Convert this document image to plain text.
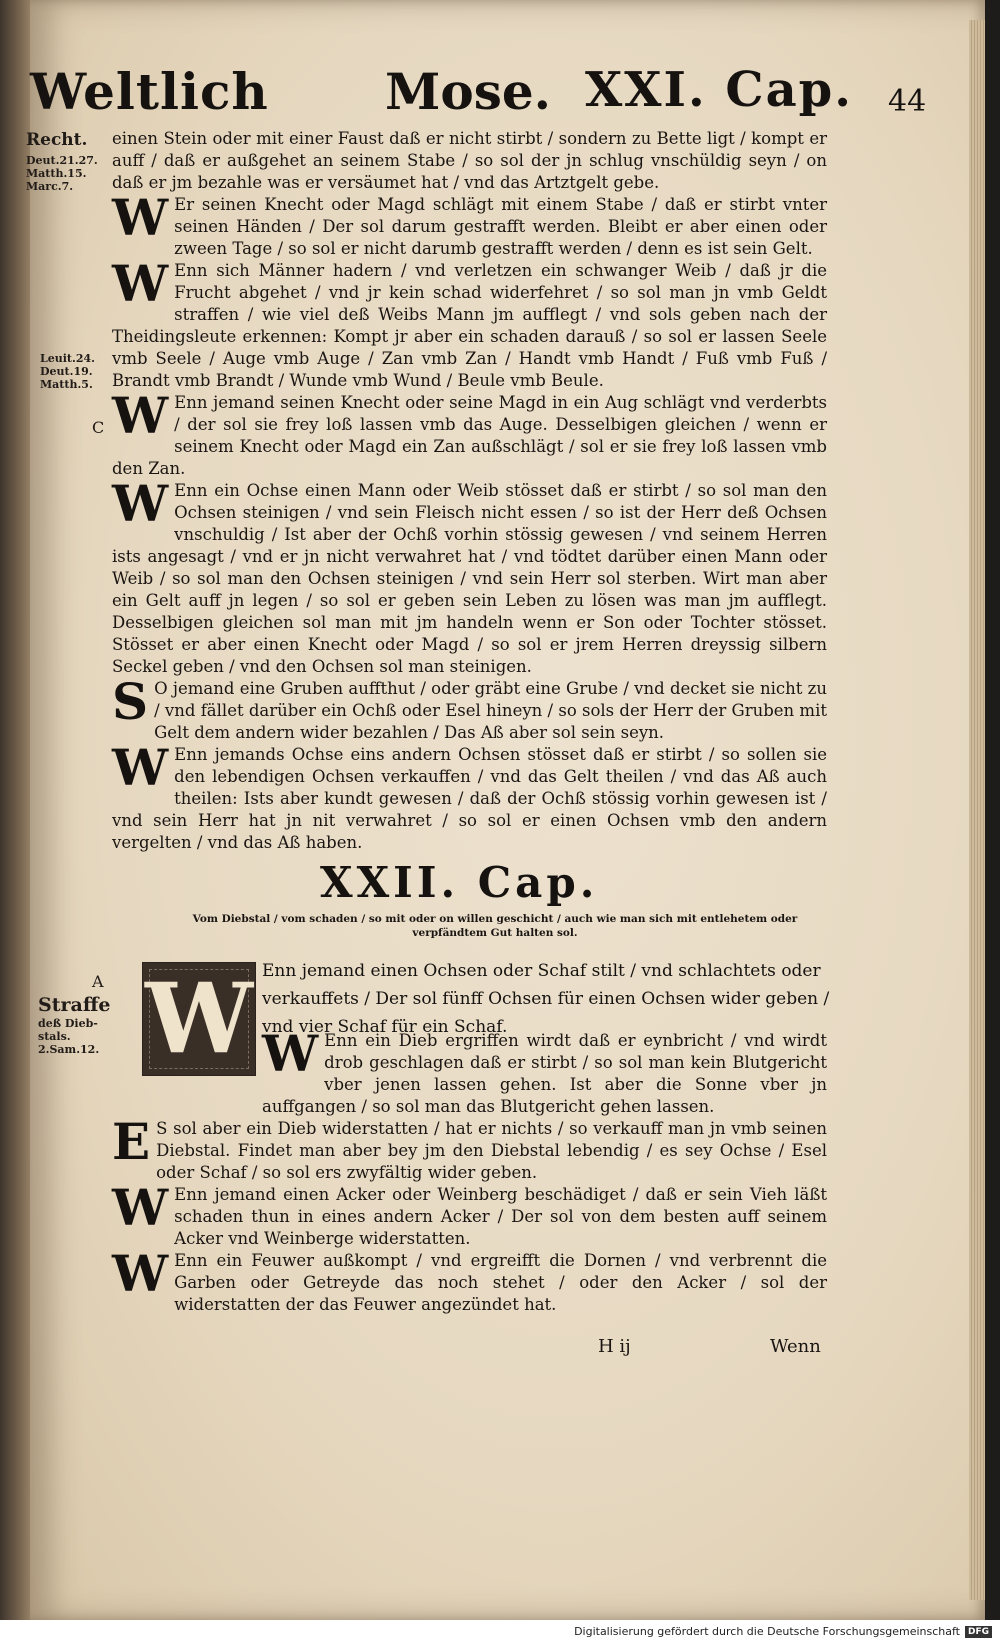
Weltlich Mose. XXI. Cap. 44
Recht.
Deut.21.27.
Matth.15.
Marc.7.
Leuit.24.
Deut.19.
Matth.5.
C
A
Straffe
deß Dieb-
stals.
2.Sam.12.

einen Stein oder mit einer Faust daß er nicht stirbt / sondern zu Bette ligt / kompt er auff / daß er außgehet an seinem Stabe / so sol der jn schlug vnschüldig seyn / on daß er jm bezahle was er versäumet hat / vnd das Artztgelt gebe.

W Er seinen Knecht oder Magd schlägt mit einem Stabe / daß er stirbt vnter seinen Händen / Der sol darum gestrafft werden. Bleibt er aber einen oder zween Tage / so sol er nicht darumb gestrafft werden / denn es ist sein Gelt.

W Enn sich Männer hadern / vnd verletzen ein schwanger Weib / daß jr die Frucht abgehet / vnd jr kein schad widerfehret / so sol man jn vmb Geldt straffen / wie viel deß Weibs Mann jm aufflegt / vnd sols geben nach der Theidingsleute erkennen: Kompt jr aber ein schaden darauß / so sol er lassen Seele vmb Seele / Auge vmb Auge / Zan vmb Zan / Handt vmb Handt / Fuß vmb Fuß / Brandt vmb Brandt / Wunde vmb Wund / Beule vmb Beule.

W Enn jemand seinen Knecht oder seine Magd in ein Aug schlägt vnd verderbts / der sol sie frey loß lassen vmb das Auge. Desselbigen gleichen / wenn er seinem Knecht oder Magd ein Zan außschlägt / sol er sie frey loß lassen vmb den Zan.

W Enn ein Ochse einen Mann oder Weib stösset daß er stirbt / so sol man den Ochsen steinigen / vnd sein Fleisch nicht essen / so ist der Herr deß Ochsen vnschuldig / Ist aber der Ochß vorhin stössig gewesen / vnd seinem Herren ists angesagt / vnd er jn nicht verwahret hat / vnd tödtet darüber einen Mann oder Weib / so sol man den Ochsen steinigen / vnd sein Herr sol sterben. Wirt man aber ein Gelt auff jn legen / so sol er geben sein Leben zu lösen was man jm aufflegt. Desselbigen gleichen sol man mit jm handeln wenn er Son oder Tochter stösset. Stösset er aber einen Knecht oder Magd / so sol er jrem Herren dreyssig silbern Seckel geben / vnd den Ochsen sol man steinigen.

S O jemand eine Gruben auffthut / oder gräbt eine Grube / vnd decket sie nicht zu / vnd fället darüber ein Ochß oder Esel hineyn / so sols der Herr der Gruben mit Gelt dem andern wider bezahlen / Das Aß aber sol sein seyn.

W Enn jemands Ochse eins andern Ochsen stösset daß er stirbt / so sollen sie den lebendigen Ochsen verkauffen / vnd das Gelt theilen / vnd das Aß auch theilen: Ists aber kundt gewesen / daß der Ochß stössig vorhin gewesen ist / vnd sein Herr hat jn nit verwahret / so sol er einen Ochsen vmb den andern vergelten / vnd das Aß haben.

XXII. Cap.
Vom Diebstal / vom schaden / so mit oder on willen geschicht / auch wie man sich mit entlehetem oder verpfändtem Gut halten sol.
W Enn jemand einen Ochsen oder Schaf stilt / vnd schlachtets oder verkauffets / Der sol fünff Ochsen für einen Ochsen wider geben / vnd vier Schaf für ein Schaf.

W Enn ein Dieb ergriffen wirdt daß er eynbricht / vnd wirdt drob geschlagen daß er stirbt / so sol man kein Blutgericht vber jenen lassen gehen. Ist aber die Sonne vber jn auffgangen / so sol man das Blutgericht gehen lassen.

E S sol aber ein Dieb widerstatten / hat er nichts / so verkauff man jn vmb seinen Diebstal. Findet man aber bey jm den Diebstal lebendig / es sey Ochse / Esel oder Schaf / so sol ers zwyfältig wider geben.

W Enn jemand einen Acker oder Weinberg beschädiget / daß er sein Vieh läßt schaden thun in eines andern Acker / Der sol von dem besten auff seinem Acker vnd Weinberge widerstatten.

W Enn ein Feuwer außkompt / vnd ergreifft die Dornen / vnd verbrennt die Garben oder Getreyde das noch stehet / oder den Acker / sol der widerstatten der das Feuwer angezündet hat.

H ij	Wenn
Digitalisierung gefördert durch die Deutsche Forschungsgemeinschaft DFG
